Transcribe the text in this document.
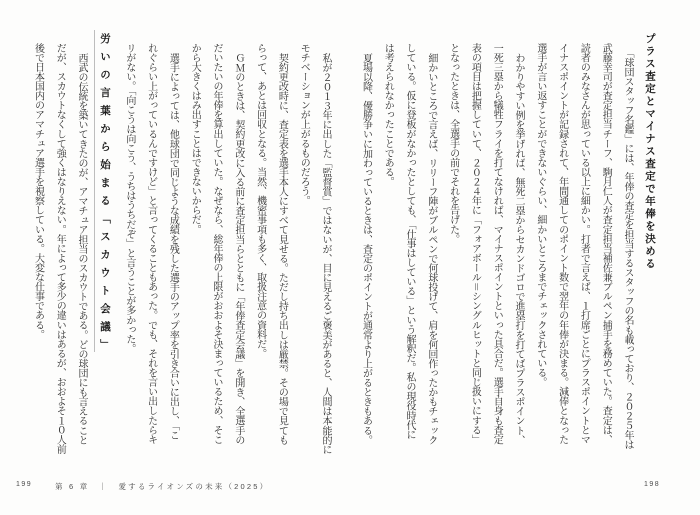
プラス査定とマイナス査定で年俸を決める

「球団スタッフ名鑑」には、年俸の査定を担当するスタッフの名も載っており、２０２５年は

武藤幸司が査定担当チーフ、駒月仁人が査定担当補佐兼ブルペン捕手を務めていた。査定は、

読者のみなさんが思っている以上に細かい。打者で言えば、１打席ごとにプラスポイントとマ

イナスポイントが記録されて、年間通してのポイント数で翌年の年俸が決まる。減俸となった

選手が言い返すことができないぐらい、細かいところまでチェックされている。

わかりやすい例を挙げれば、無死二塁からセカンドゴロで進塁打を打てばプラスポイント、

一死三塁から犠牲フライを打てなければ、マイナスポイントといった具合だ。選手自身も査定

表の項目は把握していて、２０２４年に「フォアボール＝シングルヒットと同じ扱いにする」

となったときは、全選手の前でそれを告げた。

細かいところで言えば、リリーフ陣がブルペンで何球投げて、肩を何回作ったかもチェック

している。仮に登板がなかったとしても、「仕事はしている」という解釈だ。私の現役時代に

は考えられなかったことである。

夏場以降、優勝争いに加わっているときは、査定のポイントが通常より上がるときもある。

私が２０１３年に出した「監督賞」ではないが、目に見えるご褒美があると、人間は本能的に

モチベーションが上がるものだろう。

契約更改時に、査定表を選手本人にすべて見せる。ただし持ち出しは厳禁。その場で見ても

らって、あとは回収となる。当然、機密事項も多く、取扱注意の資料だ。

ＧＭのときは、契約更改に入る前に査定担当らとともに「年俸査定会議」を開き、全選手の

だいたいの年俸を算出していた。なぜなら、総年俸の上限がおおよそ決まっているため、そこ

から大きくはみ出すことはできないからだ。

選手によっては、他球団で同じような成績を残した選手のアップ率を引き合いに出し、「こ

れぐらい上がっているんですけど」と言ってくることもあった。でも、それを言い出したらキ

リがない。「向こうは向こう、うちはうちだぞ」と言うことが多かった。

労いの言葉から始まる「スカウト会議」

西武の伝統を築いてきたのが、アマチュア担当のスカウトである。どの球団にも言えること

だが、スカウトなくして強くはなりえない。年によって多少の違いはあるが、おおよそ１０人前

後で日本国内のアマチュア選手を視察している。大変な仕事である。

199	第 6 章　｜　愛するライオンズの未来（2025）	198
